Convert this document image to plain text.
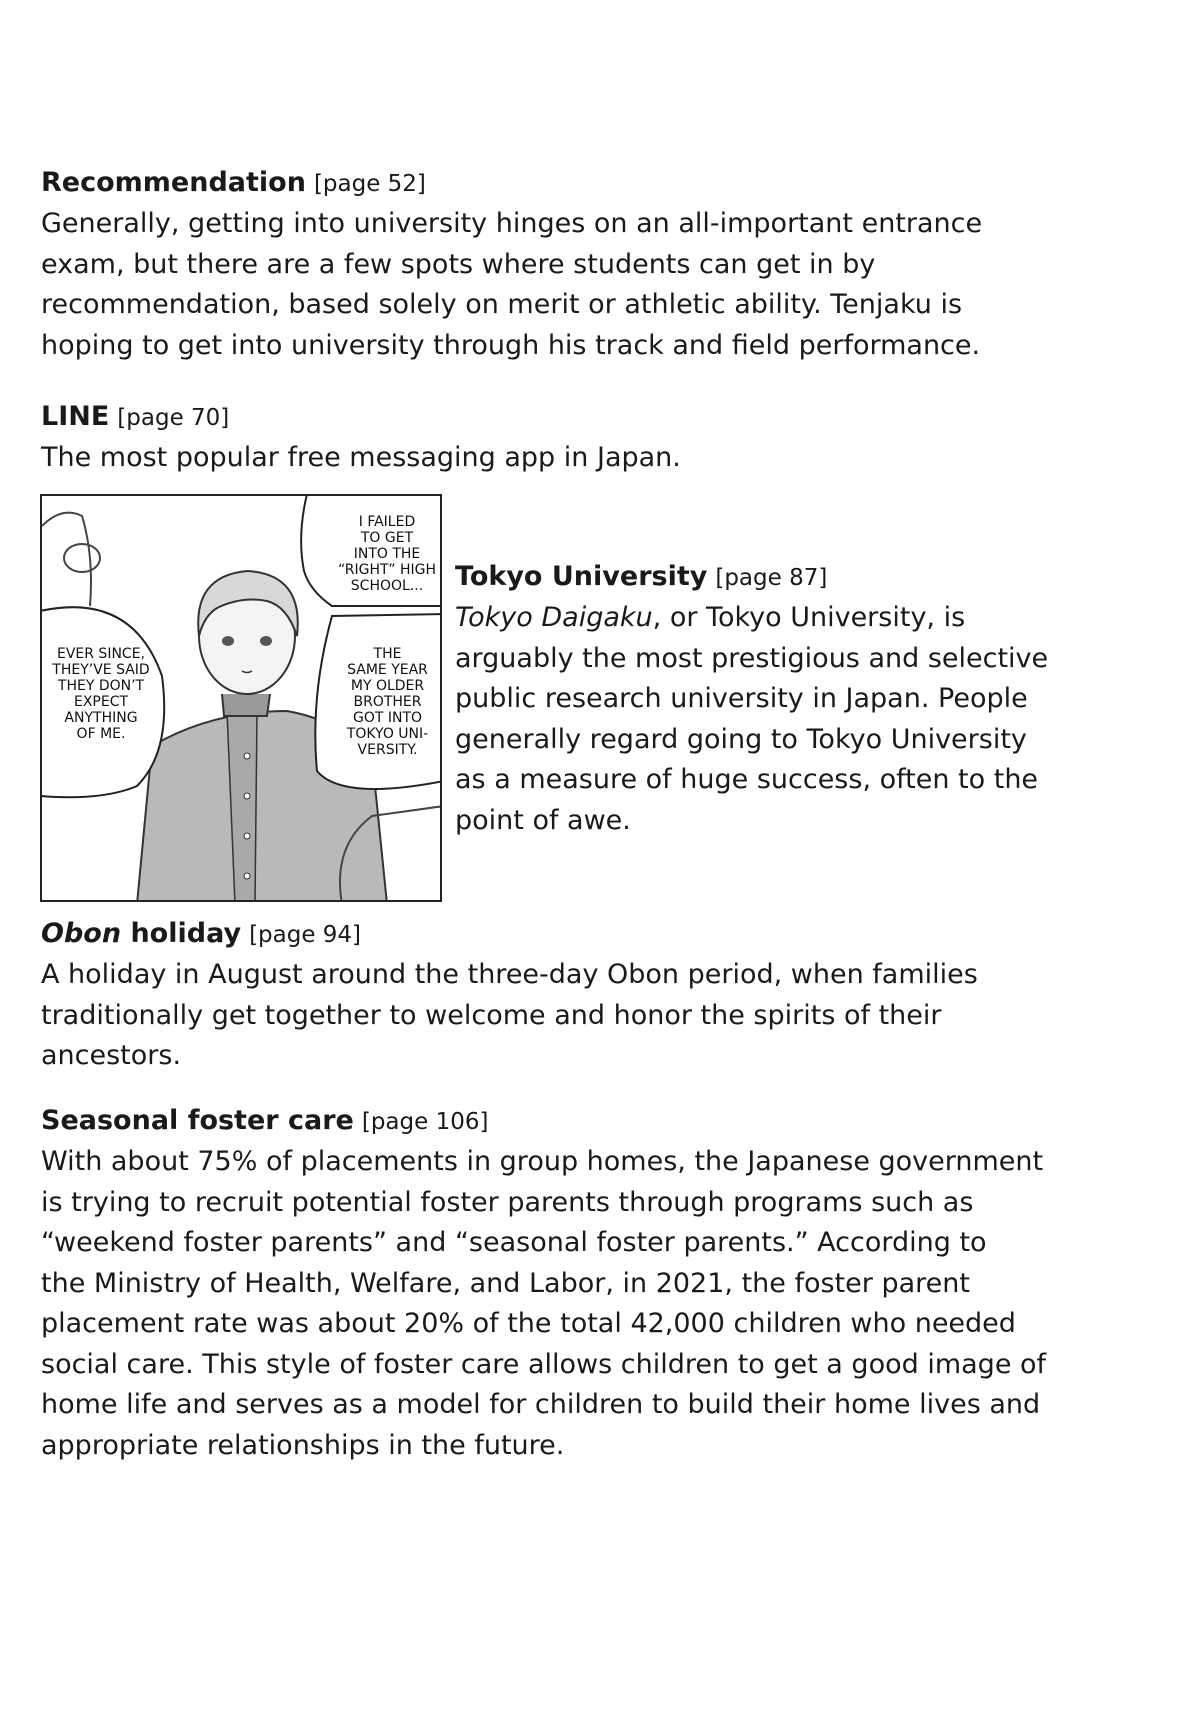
Recommendation [page 52]

Generally, getting into university hinges on an all-important entrance

exam, but there are a few spots where students can get in by

recommendation, based solely on merit or athletic ability. Tenjaku is

hoping to get into university through his track and field performance.

LINE [page 70]

The most popular free messaging app in Japan.

I FAILED
TO GET
INTO THE
“RIGHT” HIGH
SCHOOL...
EVER SINCE,
THEY’VE SAID
THEY DON’T
EXPECT
ANYTHING
OF ME.
THE
SAME YEAR
MY OLDER
BROTHER
GOT INTO
TOKYO UNI-
VERSITY.

Tokyo University [page 87]

Tokyo Daigaku, or Tokyo University, is

arguably the most prestigious and selective

public research university in Japan. People

generally regard going to Tokyo University

as a measure of huge success, often to the

point of awe.

Obon holiday [page 94]

A holiday in August around the three-day Obon period, when families

traditionally get together to welcome and honor the spirits of their

ancestors.

Seasonal foster care [page 106]

With about 75% of placements in group homes, the Japanese government

is trying to recruit potential foster parents through programs such as

“weekend foster parents” and “seasonal foster parents.” According to

the Ministry of Health, Welfare, and Labor, in 2021, the foster parent

placement rate was about 20% of the total 42,000 children who needed

social care. This style of foster care allows children to get a good image of

home life and serves as a model for children to build their home lives and

appropriate relationships in the future.
